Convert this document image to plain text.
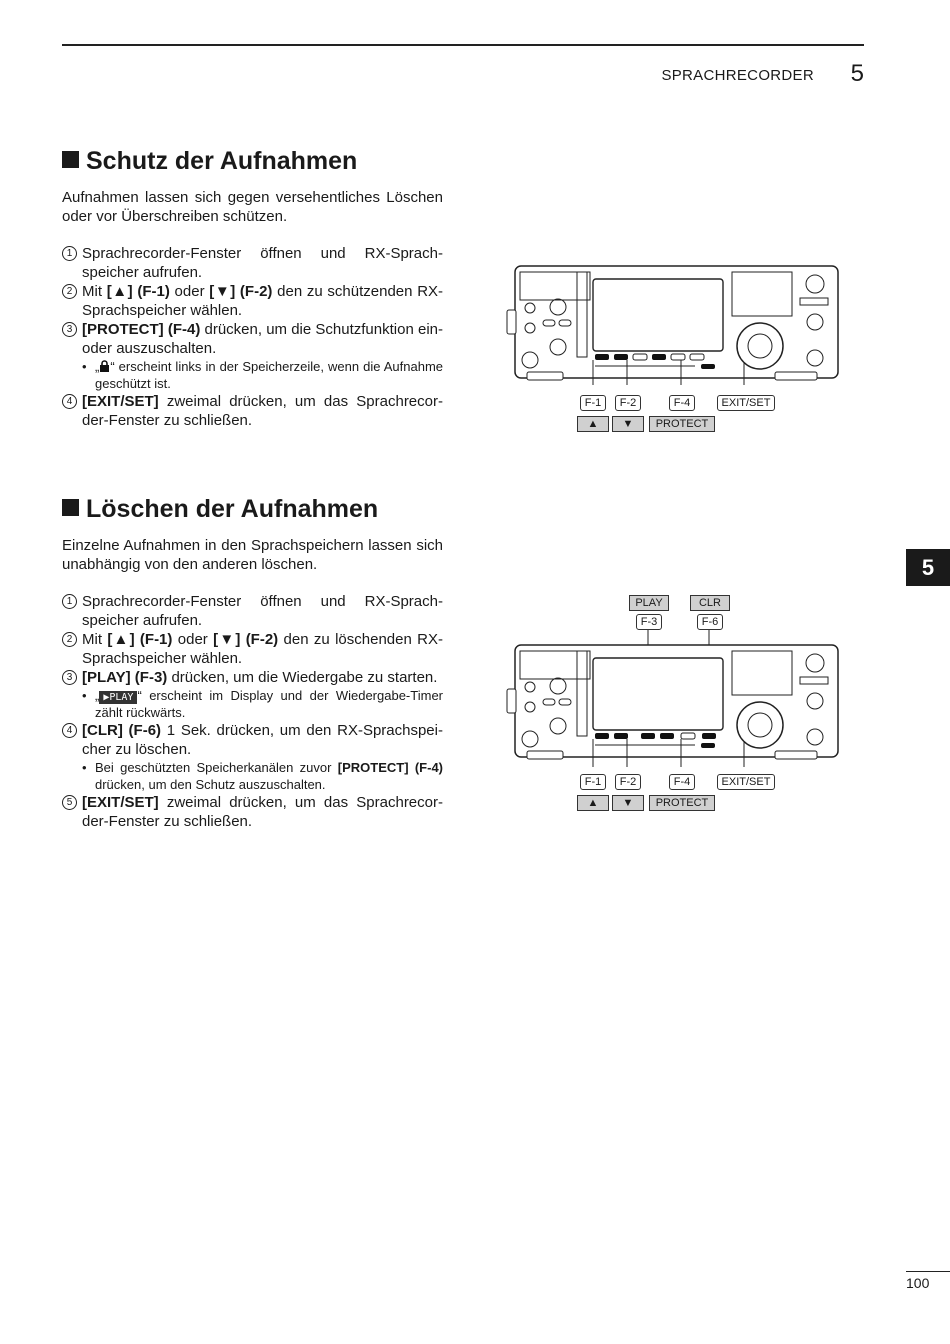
SPRACHRECORDER 5
5
100
Schutz der Aufnahmen

Aufnahmen lassen sich gegen versehentliches Löschen oder vor Überschreiben schützen.

1 Sprachrecorder-Fenster öffnen und RX-Sprachspeicher aufrufen.
2 Mit [▲] (F-1) oder [▼] (F-2) den zu schützenden RX-Sprachspeicher wählen.
3 [PROTECT] (F-4) drücken, um die Schutzfunktion ein- oder auszuschalten.
• „ “ erscheint links in der Speicherzeile, wenn die Aufnahme geschützt ist.
4 [EXIT/SET] zweimal drücken, um das Sprachrecorder-Fenster zu schließen.
Löschen der Aufnahmen

Einzelne Aufnahmen in den Sprachspeichern lassen sich unabhängig von den anderen löschen.

1 Sprachrecorder-Fenster öffnen und RX-Sprachspeicher aufrufen.
2 Mit [▲] (F-1) oder [▼] (F-2) den zu löschenden RX-Sprachspeicher wählen.
3 [PLAY] (F-3) drücken, um die Wiedergabe zu starten.
• „ ▶PLAY “ erscheint im Display und der Wiedergabe-Timer zählt rückwärts.
4 [CLR] (F-6) 1 Sek. drücken, um den RX-Sprachspeicher zu löschen.
• Bei geschützten Speicherkanälen zuvor [PROTECT] (F-4) drücken, um den Schutz auszuschalten.
5 [EXIT/SET] zweimal drücken, um das Sprachrecorder-Fenster zu schließen.
F-1	F-2	F-4	EXIT/SET
▲	▼	PROTECT
PLAY	CLR
F-3	F-6
F-1	F-2	F-4	EXIT/SET
▲	▼	PROTECT
